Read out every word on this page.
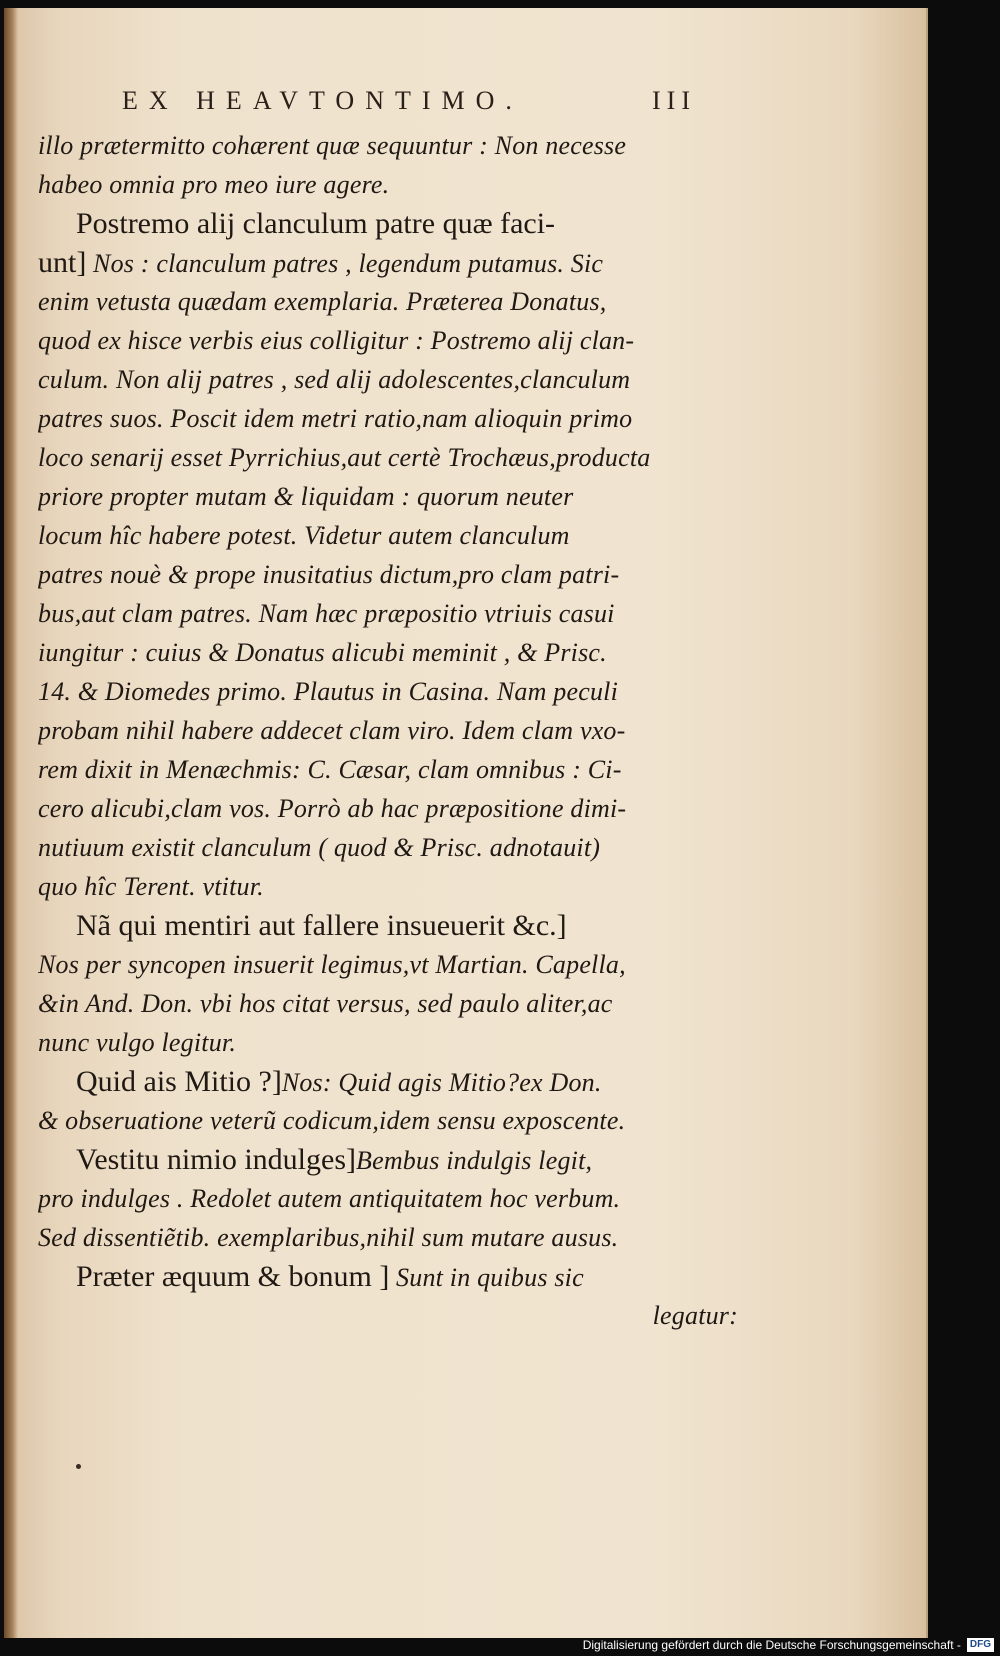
EX HEAVTONTIMO.	III
illo prætermitto cohærent quæ sequuntur : Non necesse
habeo omnia pro meo iure agere.
Postremo alij clanculum patre quæ faci-
unt] Nos : clanculum patres , legendum putamus. Sic
enim vetusta quædam exemplaria. Præterea Donatus,
quod ex hisce verbis eius colligitur : Postremo alij clan-
culum. Non alij patres , sed alij adolescentes,clanculum
patres suos. Poscit idem metri ratio,nam alioquin primo
loco senarij esset Pyrrichius,aut certè Trochæus,producta
priore propter mutam & liquidam : quorum neuter
locum hîc habere potest. Videtur autem clanculum
patres nouè & prope inusitatius dictum,pro clam patri-
bus,aut clam patres. Nam hæc præpositio vtriuis casui
iungitur : cuius & Donatus alicubi meminit , & Prisc.
14. & Diomedes primo. Plautus in Casina. Nam peculi
probam nihil habere addecet clam viro. Idem clam vxo-
rem dixit in Menæchmis: C. Cæsar, clam omnibus : Ci-
cero alicubi,clam vos. Porrò ab hac præpositione dimi-
nutiuum existit clanculum ( quod & Prisc. adnotauit)
quo hîc Terent. vtitur.
Nã qui mentiri aut fallere insueuerit &c.]
Nos per syncopen insuerit legimus,vt Martian. Capella,
&in And. Don. vbi hos citat versus, sed paulo aliter,ac
nunc vulgo legitur.
Quid ais Mitio ?]Nos: Quid agis Mitio?ex Don.
& obseruatione veterũ codicum,idem sensu exposcente.
Vestitu nimio indulges]Bembus indulgis legit,
pro indulges . Redolet autem antiquitatem hoc verbum.
Sed dissentiẽtib. exemplaribus,nihil sum mutare ausus.
Præter æquum & bonum ] Sunt in quibus sic
legatur:
Digitalisierung gefördert durch die Deutsche Forschungsgemeinschaft - DFG
